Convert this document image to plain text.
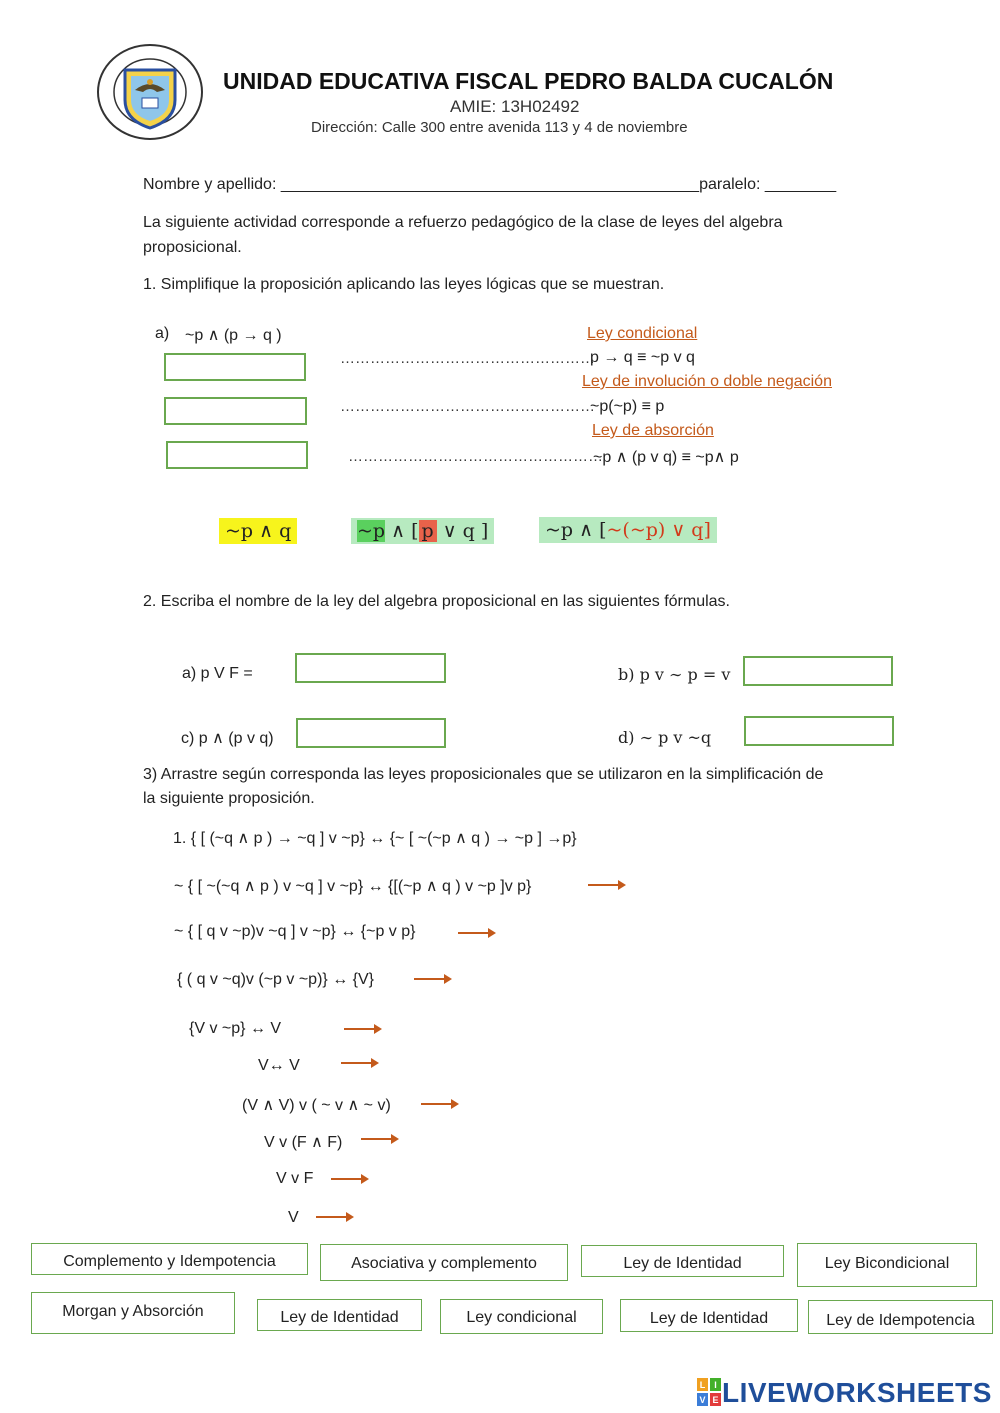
UNIDAD EDUCATIVA FISCAL PEDRO BALDA CUCALÓN
AMIE: 13H02492
Dirección: Calle 300 entre avenida 113 y 4 de noviembre
Nombre y apellido: _______________________________________________paralelo: ________
La siguiente actividad corresponde a refuerzo pedagógico de la clase de leyes del algebra
proposicional.
1. Simplifique la proposición aplicando las leyes lógicas que se muestran.
a) ~p ∧ (p → q )
……………………………………………
……………………………………………
……………………………………………
Ley condicional
p → q ≡ ~p v q
Ley de involución o doble negación
~p(~p) ≡ p
Ley de absorción
~p ∧ (p v q) ≡ ~p∧ p
~p ∧ q	~p ∧ [ p ∨ q ]	~p ∧ [~(~p) ∨ q]
2. Escriba el nombre de la ley del algebra proposicional en las siguientes fórmulas.
a) p V F =	b) p v ∼ p = v
c) p ∧ (p v q)	d) ∼ p v ~q
3) Arrastre según corresponda las leyes proposicionales que se utilizaron en la simplificación de
la siguiente proposición.
1. { [ (~q ∧ p ) → ~q ] v ~p} ↔ {~ [ ~(~p ∧ q ) → ~p ] →p}
~ { [ ~(~q ∧ p ) v ~q ] v ~p} ↔ {[(~p ∧ q ) v ~p ]v p}
~ { [ q v ~p)v ~q ] v ~p} ↔ {~p v p}
{ ( q v ~q)v (~p v ~p)} ↔ {V}
{V v ~p} ↔ V
V↔ V
(V ∧ V) v ( ~ v ∧ ~ v)
V v (F ∧ F)
V v F
V
Complemento y Idempotencia	Asociativa y complemento	Ley de Identidad	Ley Bicondicional
Morgan y Absorción	Ley de Identidad	Ley condicional	Ley de Identidad	Ley de Idempotencia
L I
V E LIVEWORKSHEETS
